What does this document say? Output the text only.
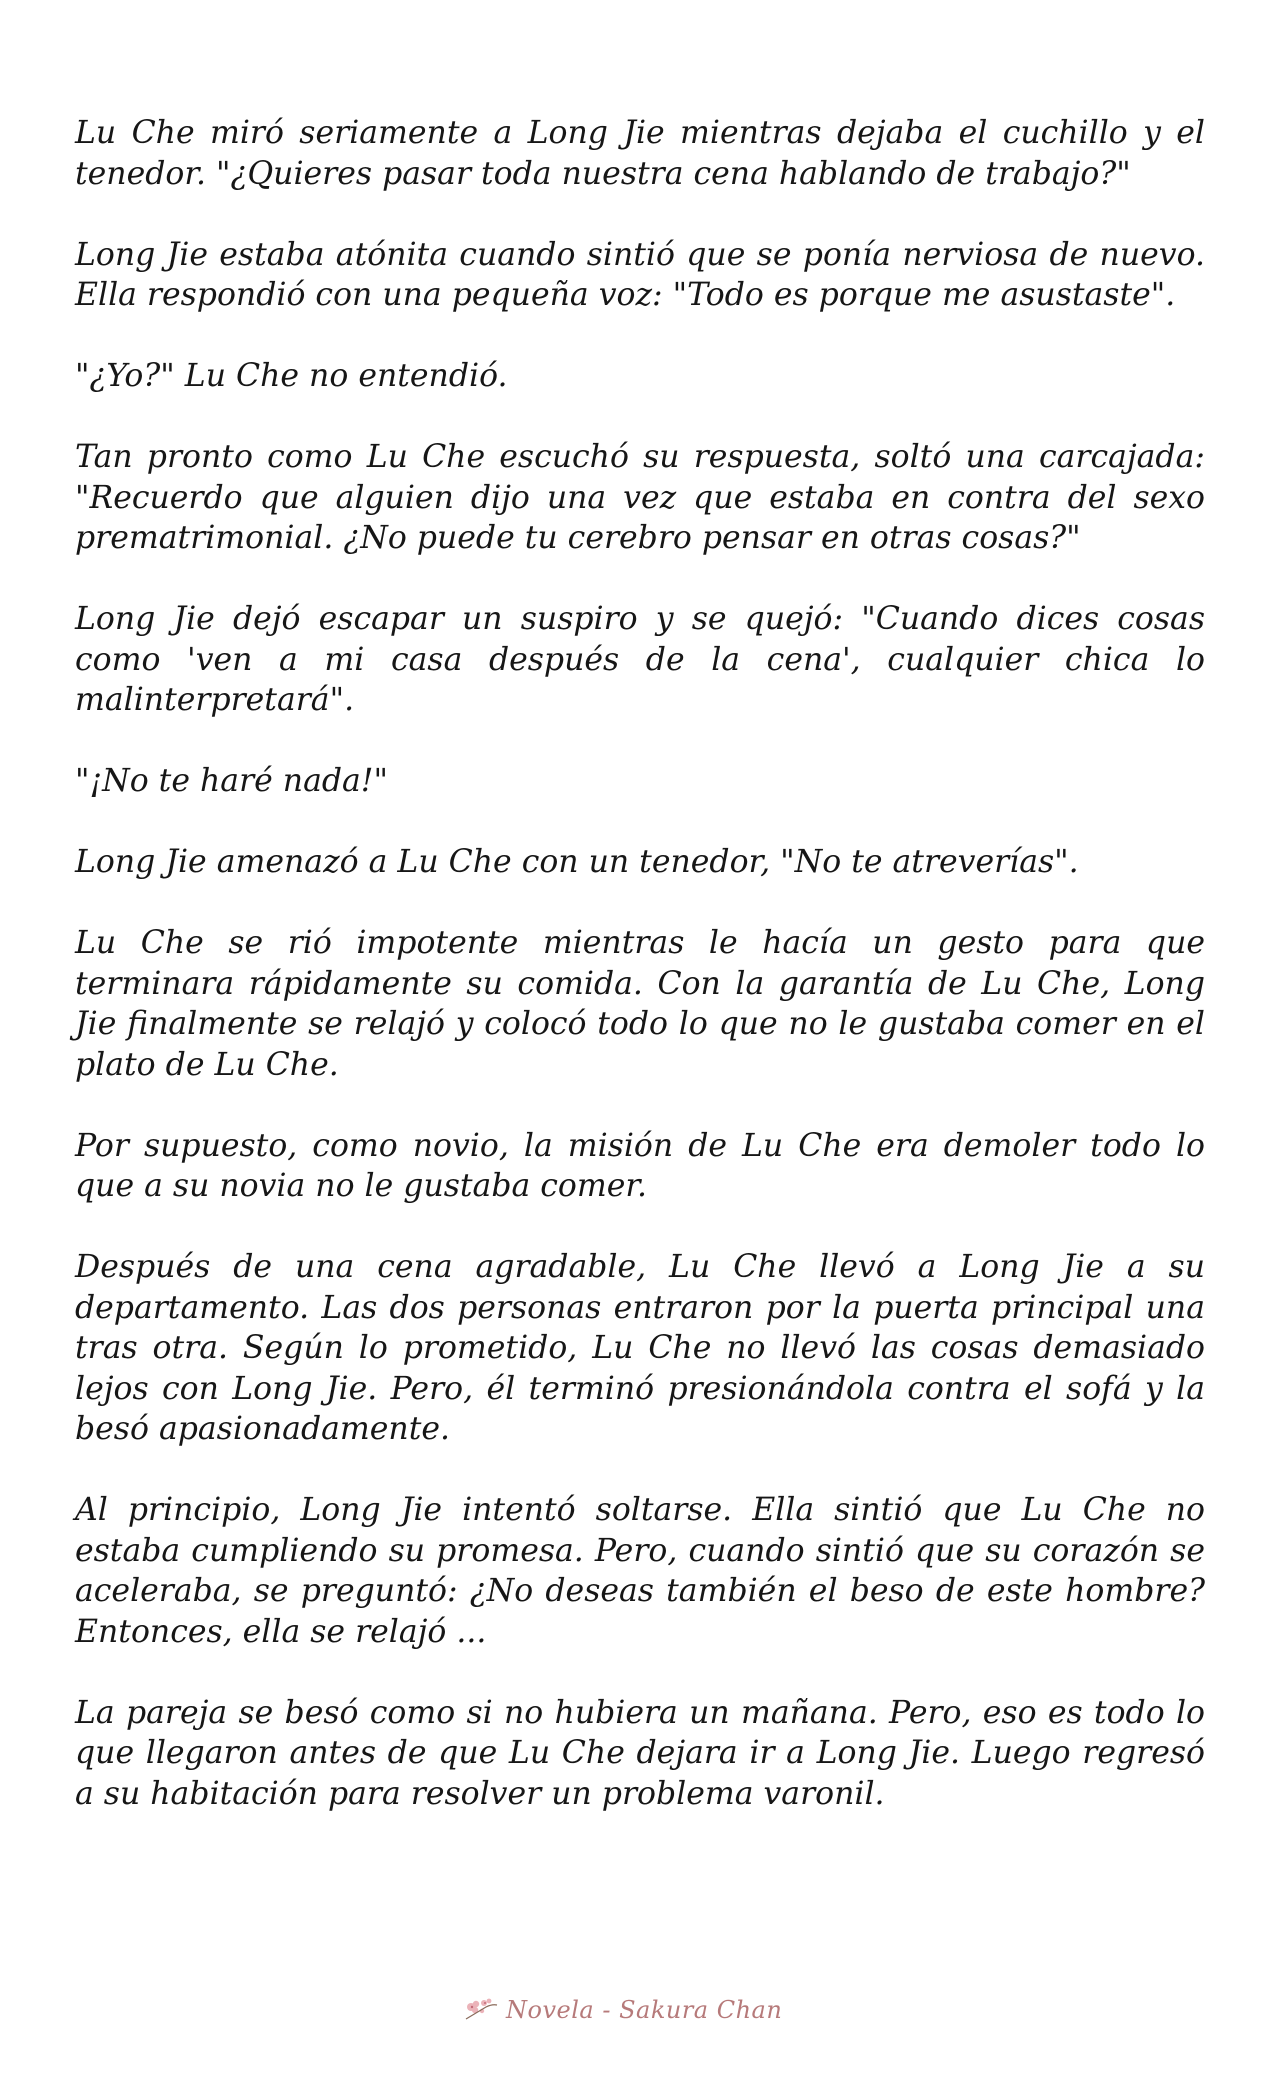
Lu Che miró seriamente a Long Jie mientras dejaba el cuchillo y el tenedor. "¿Quieres pasar toda nuestra cena hablando de trabajo?"

Long Jie estaba atónita cuando sintió que se ponía nerviosa de nuevo. Ella respondió con una pequeña voz: "Todo es porque me asustaste".

"¿Yo?" Lu Che no entendió.

Tan pronto como Lu Che escuchó su respuesta, soltó una carcajada: "Recuerdo que alguien dijo una vez que estaba en contra del sexo prematrimonial. ¿No puede tu cerebro pensar en otras cosas?"

Long Jie dejó escapar un suspiro y se quejó: "Cuando dices cosas como 'ven a mi casa después de la cena', cualquier chica lo malinterpretará".

"¡No te haré nada!"

Long Jie amenazó a Lu Che con un tenedor, "No te atreverías".

Lu Che se rió impotente mientras le hacía un gesto para que terminara rápidamente su comida. Con la garantía de Lu Che, Long Jie finalmente se relajó y colocó todo lo que no le gustaba comer en el plato de Lu Che.

Por supuesto, como novio, la misión de Lu Che era demoler todo lo que a su novia no le gustaba comer.

Después de una cena agradable, Lu Che llevó a Long Jie a su departamento. Las dos personas entraron por la puerta principal una tras otra. Según lo prometido, Lu Che no llevó las cosas demasiado lejos con Long Jie. Pero, él terminó presionándola contra el sofá y la besó apasionadamente.

Al principio, Long Jie intentó soltarse. Ella sintió que Lu Che no estaba cumpliendo su promesa. Pero, cuando sintió que su corazón se aceleraba, se preguntó: ¿No deseas también el beso de este hombre? Entonces, ella se relajó ...

La pareja se besó como si no hubiera un mañana. Pero, eso es todo lo que llegaron antes de que Lu Che dejara ir a Long Jie. Luego regresó a su habitación para resolver un problema varonil.

Novela - Sakura Chan
